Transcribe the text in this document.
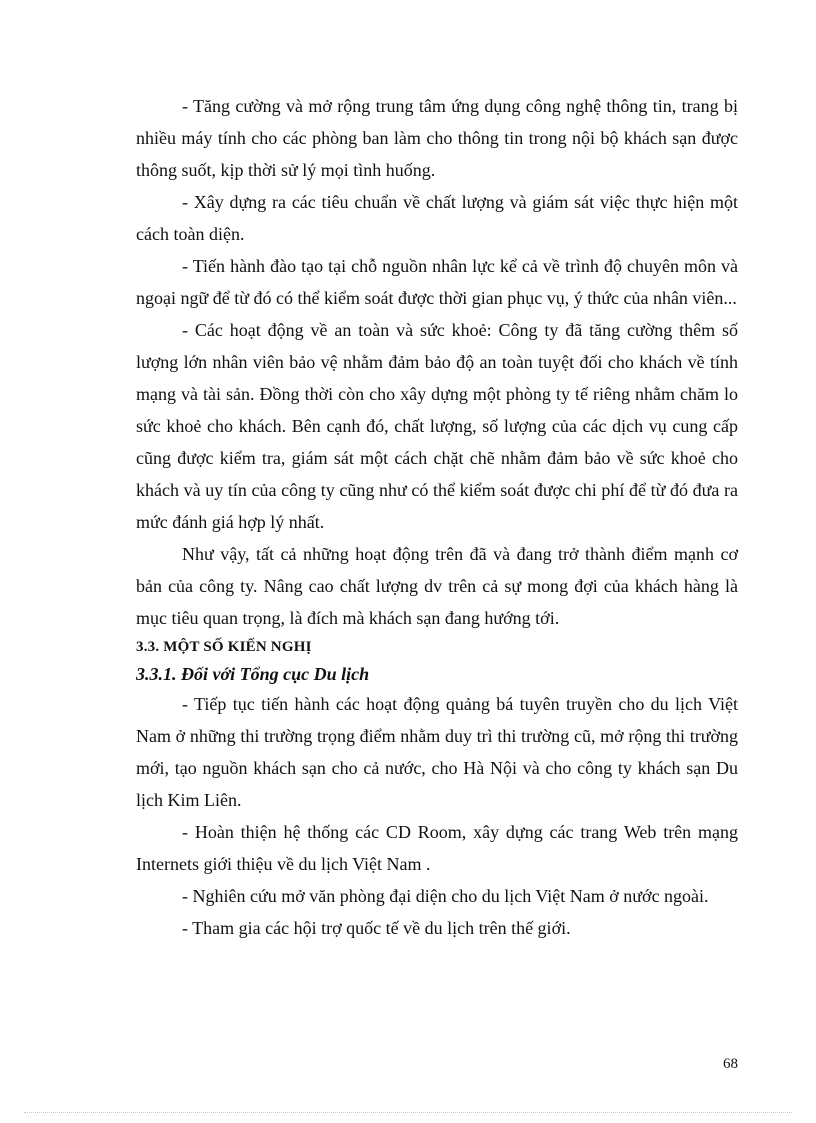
- Tăng cường và mở rộng trung tâm ứng dụng công nghệ thông tin, trang bị nhiều máy tính cho các phòng ban làm cho thông tin trong nội bộ khách sạn được thông suốt, kịp thời sử lý mọi tình huống.

- Xây dựng ra các tiêu chuẩn về chất lượng và giám sát việc thực hiện một cách toàn diện.

- Tiến hành đào tạo tại chỗ nguồn nhân lực kể cả về trình độ chuyên môn và ngoại ngữ để từ đó có thể kiểm soát được thời gian phục vụ, ý thức của nhân viên...

- Các hoạt động về an toàn và sức khoẻ: Công ty đã tăng cường thêm số lượng lớn nhân viên bảo vệ nhằm đảm bảo độ an toàn tuyệt đối cho khách về tính mạng và tài sản. Đồng thời còn cho xây dựng một phòng ty tế riêng nhằm chăm lo sức khoẻ cho khách. Bên cạnh đó, chất lượng, số lượng của các dịch vụ cung cấp cũng được kiểm tra, giám sát một cách chặt chẽ nhằm đảm bảo về sức khoẻ cho khách và uy tín của công ty cũng như có thể kiểm soát được chi phí để từ đó đưa ra mức đánh giá hợp lý nhất.

Như vậy, tất cả những hoạt động trên đã và đang trở thành điểm mạnh cơ bản của công ty. Nâng cao chất lượng dv trên cả sự mong đợi của khách hàng là mục tiêu quan trọng, là đích mà khách sạn đang hướng tới.

3.3. MỘT SỐ KIẾN NGHỊ
3.3.1. Đối với Tổng cục Du lịch

- Tiếp tục tiến hành các hoạt động quảng bá tuyên truyền cho du lịch Việt Nam ở những thi trường trọng điểm nhằm duy trì thi trường cũ, mở rộng thi trường mới, tạo nguồn khách sạn cho cả nước, cho Hà Nội và cho công ty khách sạn Du lịch Kim Liên.

- Hoàn thiện hệ thống các CD Room, xây dựng các trang Web trên mạng Internets giới thiệu về du lịch Việt Nam .

- Nghiên cứu mở văn phòng đại diện cho du lịch Việt Nam ở nước ngoài.

- Tham gia các hội trợ quốc tế về du lịch trên thế giới.

68
